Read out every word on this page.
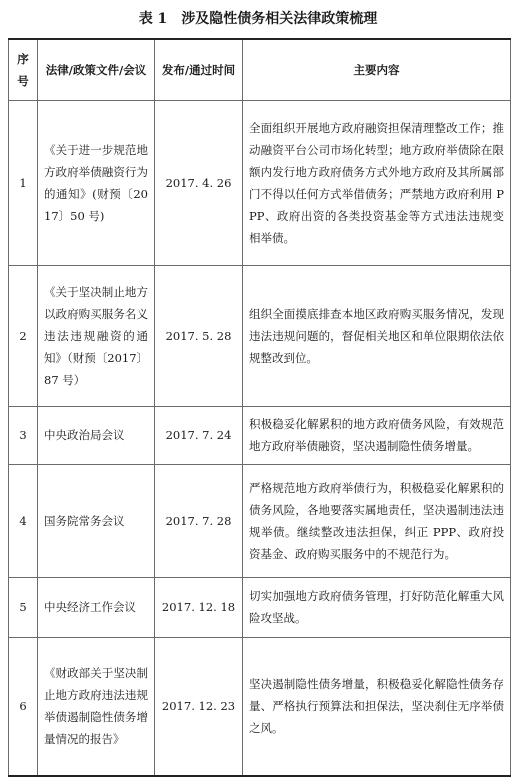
表 1 涉及隐性债务相关法律政策梳理
序号	法律/政策文件/会议	发布/通过时间	主要内容
1	《关于进一步规范地方政府举债融资行为的通知》(财预〔2017〕50 号)	2017. 4. 26	全面组织开展地方政府融资担保清理整改工作；推动融资平台公司市场化转型；地方政府举债除在限额内发行地方政府债务方式外地方政府及其所属部门不得以任何方式举借债务；严禁地方政府利用 PPP、政府出资的各类投资基金等方式违法违规变相举债。
2	《关于坚决制止地方以政府购买服务名义违法违规融资的通知》（财预〔2017〕87 号）	2017. 5. 28	组织全面摸底排查本地区政府购买服务情况，发现违法违规问题的，督促相关地区和单位限期依法依规整改到位。
3	中央政治局会议	2017. 7. 24	积极稳妥化解累积的地方政府债务风险，有效规范地方政府举债融资，坚决遏制隐性债务增量。
4	国务院常务会议	2017. 7. 28	严格规范地方政府举债行为，积极稳妥化解累积的债务风险，各地要落实属地责任，坚决遏制违法违规举债。继续整改违法担保，纠正 PPP、政府投资基金、政府购买服务中的不规范行为。
5	中央经济工作会议	2017. 12. 18	切实加强地方政府债务管理，打好防范化解重大风险攻坚战。
6	《财政部关于坚决制止地方政府违法违规举债遏制隐性债务增量情况的报告》	2017. 12. 23	坚决遏制隐性债务增量，积极稳妥化解隐性债务存量、严格执行预算法和担保法，坚决刹住无序举债之风。
